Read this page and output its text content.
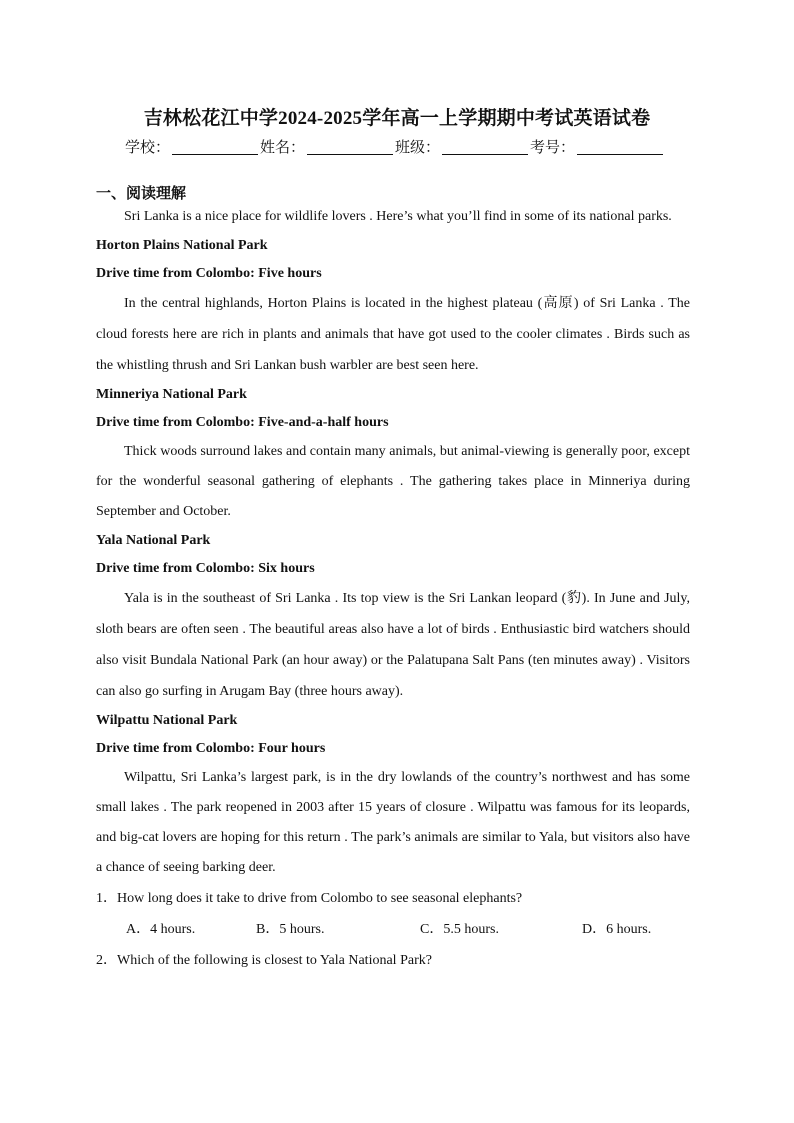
吉林松花江中学2024-2025学年高一上学期期中考试英语试卷
学校：	姓名：	班级：	考号：
一、阅读理解

Sri Lanka is a nice place for wildlife lovers . Here’s what you’ll find in some of its national parks.

Horton Plains National Park

Drive time from Colombo: Five hours

In the central highlands, Horton Plains is located in the highest plateau (高原) of Sri Lanka . The cloud forests here are rich in plants and animals that have got used to the cooler climates . Birds such as the whistling thrush and Sri Lankan bush warbler are best seen here.

Minneriya National Park

Drive time from Colombo: Five-and-a-half hours

Thick woods surround lakes and contain many animals, but animal-viewing is generally poor, except for the wonderful seasonal gathering of elephants . The gathering takes place in Minneriya during September and October.

Yala National Park

Drive time from Colombo: Six hours

Yala is in the southeast of Sri Lanka . Its top view is the Sri Lankan leopard (豹). In June and July, sloth bears are often seen . The beautiful areas also have a lot of birds . Enthusiastic bird watchers should also visit Bundala National Park (an hour away) or the Palatupana Salt Pans (ten minutes away) . Visitors can also go surfing in Arugam Bay (three hours away).

Wilpattu National Park

Drive time from Colombo: Four hours

Wilpattu, Sri Lanka’s largest park, is in the dry lowlands of the country’s northwest and has some small lakes . The park reopened in 2003 after 15 years of closure . Wilpattu was famous for its leopards, and big-cat lovers are hoping for this return . The park’s animals are similar to Yala, but visitors also have a chance of seeing barking deer.

1．How long does it take to drive from Colombo to see seasonal elephants?

A．4 hours.	B．5 hours.	C．5.5 hours.	D．6 hours.

2．Which of the following is closest to Yala National Park?
